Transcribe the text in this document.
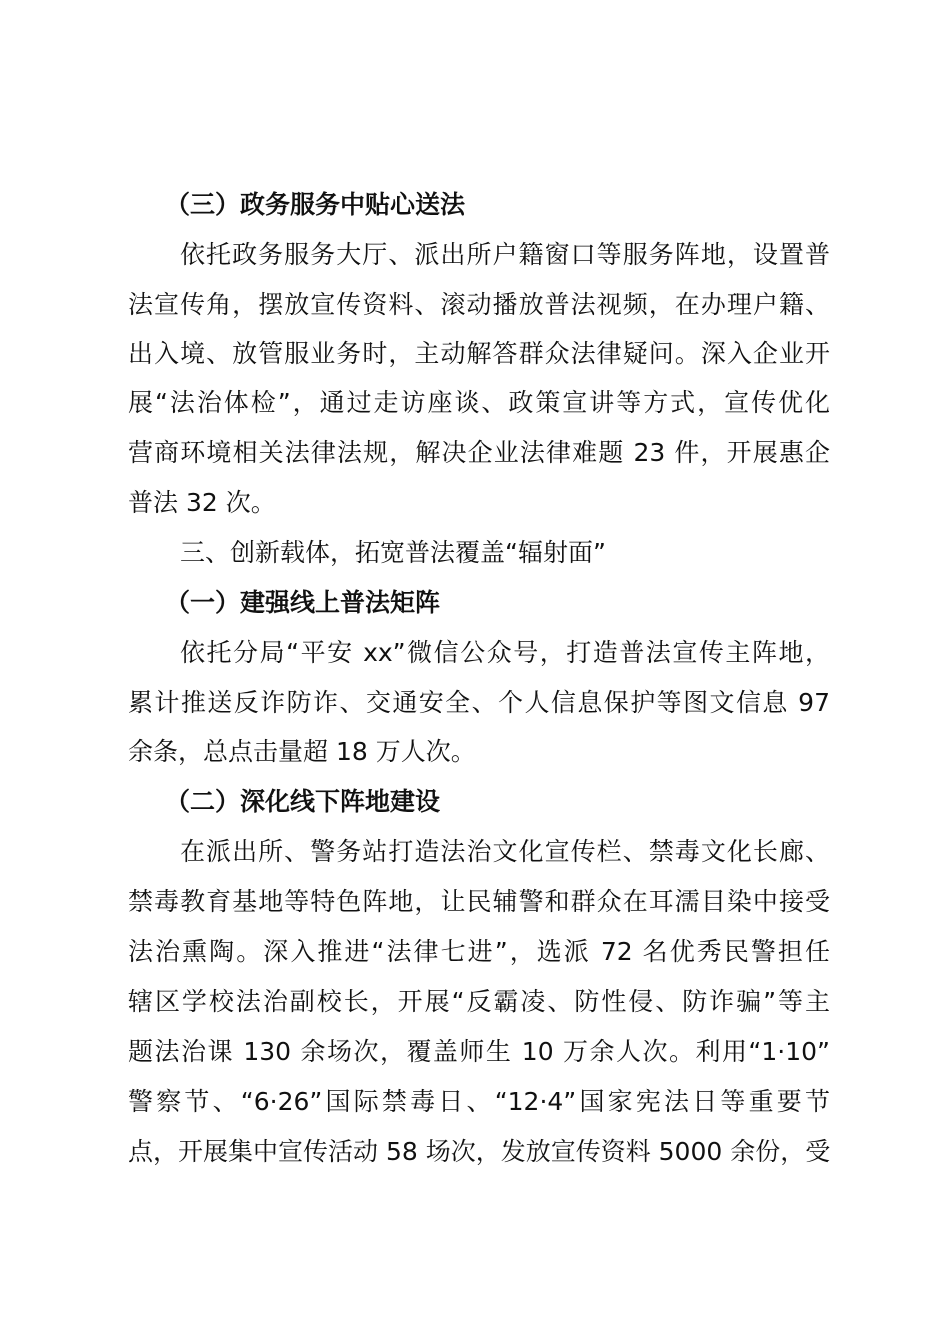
（三）政务服务中贴心送法
依托政务服务大厅、派出所户籍窗口等服务阵地，设置普
法宣传角，摆放宣传资料、滚动播放普法视频，在办理户籍、
出入境、放管服业务时，主动解答群众法律疑问。深入企业开
展“法治体检”，通过走访座谈、政策宣讲等方式，宣传优化
营商环境相关法律法规，解决企业法律难题 23 件，开展惠企
普法 32 次。
三、创新载体，拓宽普法覆盖“辐射面”
（一）建强线上普法矩阵
依托分局“平安 xx”微信公众号，打造普法宣传主阵地，
累计推送反诈防诈、交通安全、个人信息保护等图文信息 97
余条，总点击量超 18 万人次。
（二）深化线下阵地建设
在派出所、警务站打造法治文化宣传栏、禁毒文化长廊、
禁毒教育基地等特色阵地，让民辅警和群众在耳濡目染中接受
法治熏陶。深入推进“法律七进”，选派 72 名优秀民警担任
辖区学校法治副校长，开展“反霸凌、防性侵、防诈骗”等主
题法治课 130 余场次，覆盖师生 10 万余人次。利用“1·10”
警察节、“6·26”国际禁毒日、“12·4”国家宪法日等重要节
点，开展集中宣传活动 58 场次，发放宣传资料 5000 余份，受
